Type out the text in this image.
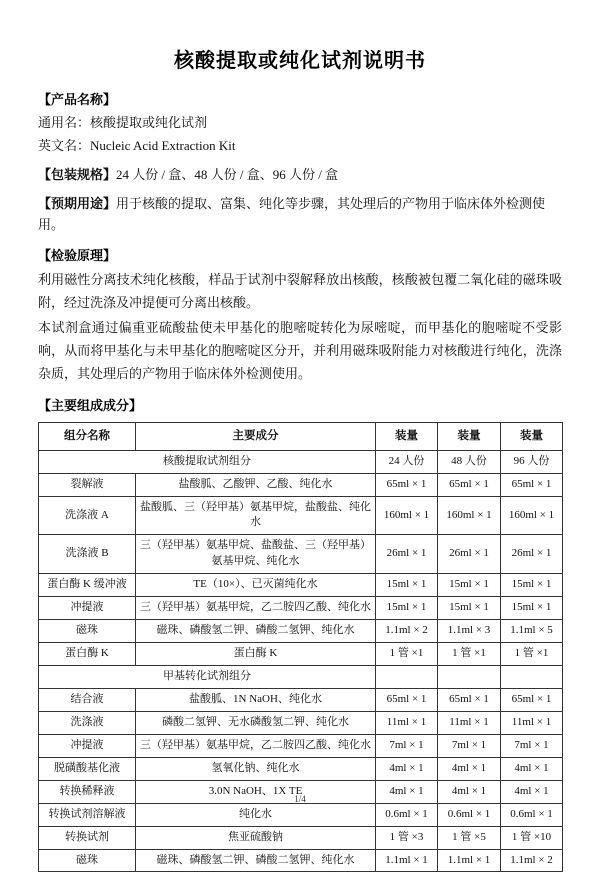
核酸提取或纯化试剂说明书
【产品名称】

通用名：核酸提取或纯化试剂

英文名：Nucleic Acid Extraction Kit

【包装规格】24 人份 / 盒、48 人份 / 盒、96 人份 / 盒

【预期用途】用于核酸的提取、富集、纯化等步骤，其处理后的产物用于临床体外检测使用。

【检验原理】

利用磁性分离技术纯化核酸，样品于试剂中裂解释放出核酸，核酸被包覆二氧化硅的磁珠吸附，经过洗涤及冲提便可分离出核酸。

本试剂盒通过偏重亚硫酸盐使未甲基化的胞嘧啶转化为尿嘧啶，而甲基化的胞嘧啶不受影响，从而将甲基化与未甲基化的胞嘧啶区分开，并利用磁珠吸附能力对核酸进行纯化，洗涤杂质，其处理后的产物用于临床体外检测使用。

【主要组成成分】
组分名称	主要成分	装量	装量	装量
核酸提取试剂组分		24 人份	48 人份	96 人份
裂解液	盐酸胍、乙酸钾、乙酸、纯化水	65ml × 1	65ml × 1	65ml × 1
洗涤液 A	盐酸胍、三（羟甲基）氨基甲烷，盐酸盐、纯化水	160ml × 1	160ml × 1	160ml × 1
洗涤液 B	三（羟甲基）氨基甲烷、盐酸盐、三（羟甲基）氨基甲烷、纯化水	26ml × 1	26ml × 1	26ml × 1
蛋白酶 K 缓冲液	TE（10×）、已灭菌纯化水	15ml × 1	15ml × 1	15ml × 1
冲提液	三（羟甲基）氨基甲烷，乙二胺四乙酸、纯化水	15ml × 1	15ml × 1	15ml × 1
磁珠	磁珠、磷酸氢二钾、磷酸二氢钾、纯化水	1.1ml × 2	1.1ml × 3	1.1ml × 5
蛋白酶 K	蛋白酶 K	1 管 ×1	1 管 ×1	1 管 ×1
甲基转化试剂组分				
结合液	盐酸胍、1N NaOH、纯化水	65ml × 1	65ml × 1	65ml × 1
洗涤液	磷酸二氢钾、无水磷酸氢二钾、纯化水	11ml × 1	11ml × 1	11ml × 1
冲提液	三（羟甲基）氨基甲烷，乙二胺四乙酸、纯化水	7ml × 1	7ml × 1	7ml × 1
脱磺酸基化液	氢氧化钠、纯化水	4ml × 1	4ml × 1	4ml × 1
转换稀释液	3.0N NaOH、1X TE	4ml × 1	4ml × 1	4ml × 1
转换试剂溶解液	纯化水	0.6ml × 1	0.6ml × 1	0.6ml × 1
转换试剂	焦亚硫酸钠	1 管 ×3	1 管 ×5	1 管 ×10
磁珠	磁珠、磷酸氢二钾、磷酸二氢钾、纯化水	1.1ml × 1	1.1ml × 1	1.1ml × 2
1/4
